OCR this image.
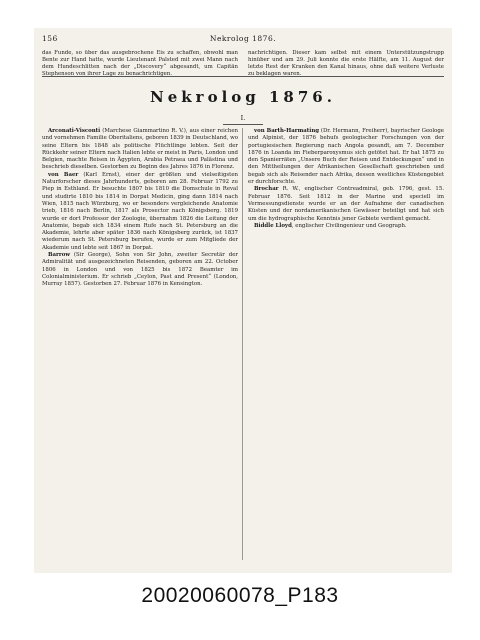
156	Nekrolog 1876.
das Funde, so über das ausgebrochene Eis zu schaffen, obwohl man Bente zur Hand hatte, wurde Lieutenant Palsted mit zwei Mann nach dem Hundeschlitten nach der „Discovery“ abgesandt, um Capitän Stephenson von ihrer Lage zu benachrichtigen.
nachrichtigen. Dieser kam selbst mit einem Unterstützungstrupp hinüber und am 29. Juli konnte die erste Hälfte, am 11. August der letzte Rest der Kranken den Kanal hinaus, ohne daß weitere Verluste zu beklagen waren.
Nekrolog 1876.
I.

Arconati-Visconti (Marchese Giammartino R. V.), aus einer reichen und vornehmen Familie Oberitaliens, geboren 1839 in Deutschland, wo seine Eltern bis 1848 als politische Flüchtlinge lebten. Seit der Rückkehr seiner Eltern nach Italien lebte er meist in Paris, London und Belgien, machte Reisen in Ägypten, Arabia Petraea und Palästina und beschrieb dieselben. Gestorben zu Beginn des Jahres 1876 in Florenz.

von Baer (Karl Ernst), einer der größten und vielseitigsten Naturforscher dieses Jahrhunderts, geboren am 28. Februar 1792 zu Piep in Esthland. Er besuchte 1807 bis 1810 die Domschule in Reval und studirte 1810 bis 1814 in Dorpat Medicin, ging dann 1814 nach Wien, 1815 nach Würzburg, wo er besonders vergleichende Anatomie trieb, 1816 nach Berlin, 1817 als Prosector nach Königsberg. 1819 wurde er dort Professor der Zoologie, übernahm 1826 die Leitung der Anatomie, begab sich 1834 einem Rufe nach St. Petersburg an die Akademie, lehrte aber später 1836 nach Königsberg zurück, ist 1837 wiederum nach St. Petersburg berufen, wurde er zum Mitgliede der Akademie und lebte seit 1867 in Dorpat.

Barrow (Sir George), Sohn von Sir John, zweiter Secretär der Admiralität und ausgezeichneten Reisenden, geboren am 22. October 1806 in London und von 1825 bis 1872 Beamter im Colonialministerium. Er schrieb „Ceylon, Past and Present“ (London, Murray 1857). Gestorben 27. Februar 1876 in Kensington.

von Barth-Harmating (Dr. Hermann, Freiherr), bayrischer Geologe und Alpinist, der 1876 behufs geologischer Forschungen von der portugiesischen Regierung nach Angola gesandt, am 7. December 1876 in Loanda im Fieberparoxysmus sich getötet hat. Er hat 1875 zu den Spanierräten „Unsere Buch der Reisen und Entdeckungen“ und in den Mittheilungen der Afrikanischen Gesellschaft geschrieben und begab sich als Reisender nach Afrika, dessen westliches Küstengebiet er durchforschte.

Brochar R. W., englischer Contreadmiral, geb. 1796, gest. 15. Februar 1876. Seit 1812 in der Marine und speciell im Vermessungsdienste wurde er an der Aufnahme der canadischen Küsten und der nordamerikanischen Gewässer beteiligt und hat sich um die hydrographische Kenntnis jener Gebiete verdient gemacht.

Biddle Lloyd, englischer Civilingenieur und Geograph.

20020060078_P183
